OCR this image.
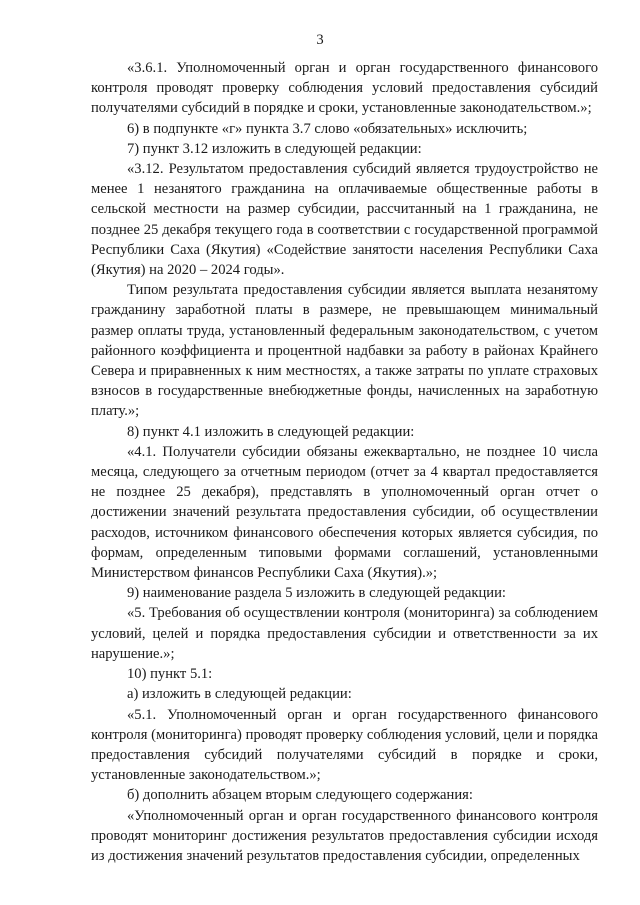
3

«3.6.1. Уполномоченный орган и орган государственного финансового контроля проводят проверку соблюдения условий предоставления субсидий получателями субсидий в порядке и сроки, установленные законодательством.»;

6) в подпункте «г» пункта 3.7 слово «обязательных» исключить;

7) пункт 3.12 изложить в следующей редакции:

«3.12. Результатом предоставления субсидий является трудоустройство не менее 1 незанятого гражданина на оплачиваемые общественные работы в сельской местности на размер субсидии, рассчитанный на 1 гражданина, не позднее 25 декабря текущего года в соответствии с государственной программой Республики Саха (Якутия) «Содействие занятости населения Республики Саха (Якутия) на 2020 – 2024 годы».

Типом результата предоставления субсидии является выплата незанятому гражданину заработной платы в размере, не превышающем минимальный размер оплаты труда, установленный федеральным законодательством, с учетом районного коэффициента и процентной надбавки за работу в районах Крайнего Севера и приравненных к ним местностях, а также затраты по уплате страховых взносов в государственные внебюджетные фонды, начисленных на заработную плату.»;

8) пункт 4.1 изложить в следующей редакции:

«4.1. Получатели субсидии обязаны ежеквартально, не позднее 10 числа месяца, следующего за отчетным периодом (отчет за 4 квартал предоставляется не позднее 25 декабря), представлять в уполномоченный орган отчет о достижении значений результата предоставления субсидии, об осуществлении расходов, источником финансового обеспечения которых является субсидия, по формам, определенным типовыми формами соглашений, установленными Министерством финансов Республики Саха (Якутия).»;

9) наименование раздела 5 изложить в следующей редакции:

«5. Требования об осуществлении контроля (мониторинга) за соблюдением условий, целей и порядка предоставления субсидии и ответственности за их нарушение.»;

10) пункт 5.1:

а) изложить в следующей редакции:

«5.1. Уполномоченный орган и орган государственного финансового контроля (мониторинга) проводят проверку соблюдения условий, цели и порядка предоставления субсидий получателями субсидий в порядке и сроки, установленные законодательством.»;

б) дополнить абзацем вторым следующего содержания:

«Уполномоченный орган и орган государственного финансового контроля проводят мониторинг достижения результатов предоставления субсидии исходя из достижения значений результатов предоставления субсидии, определенных
